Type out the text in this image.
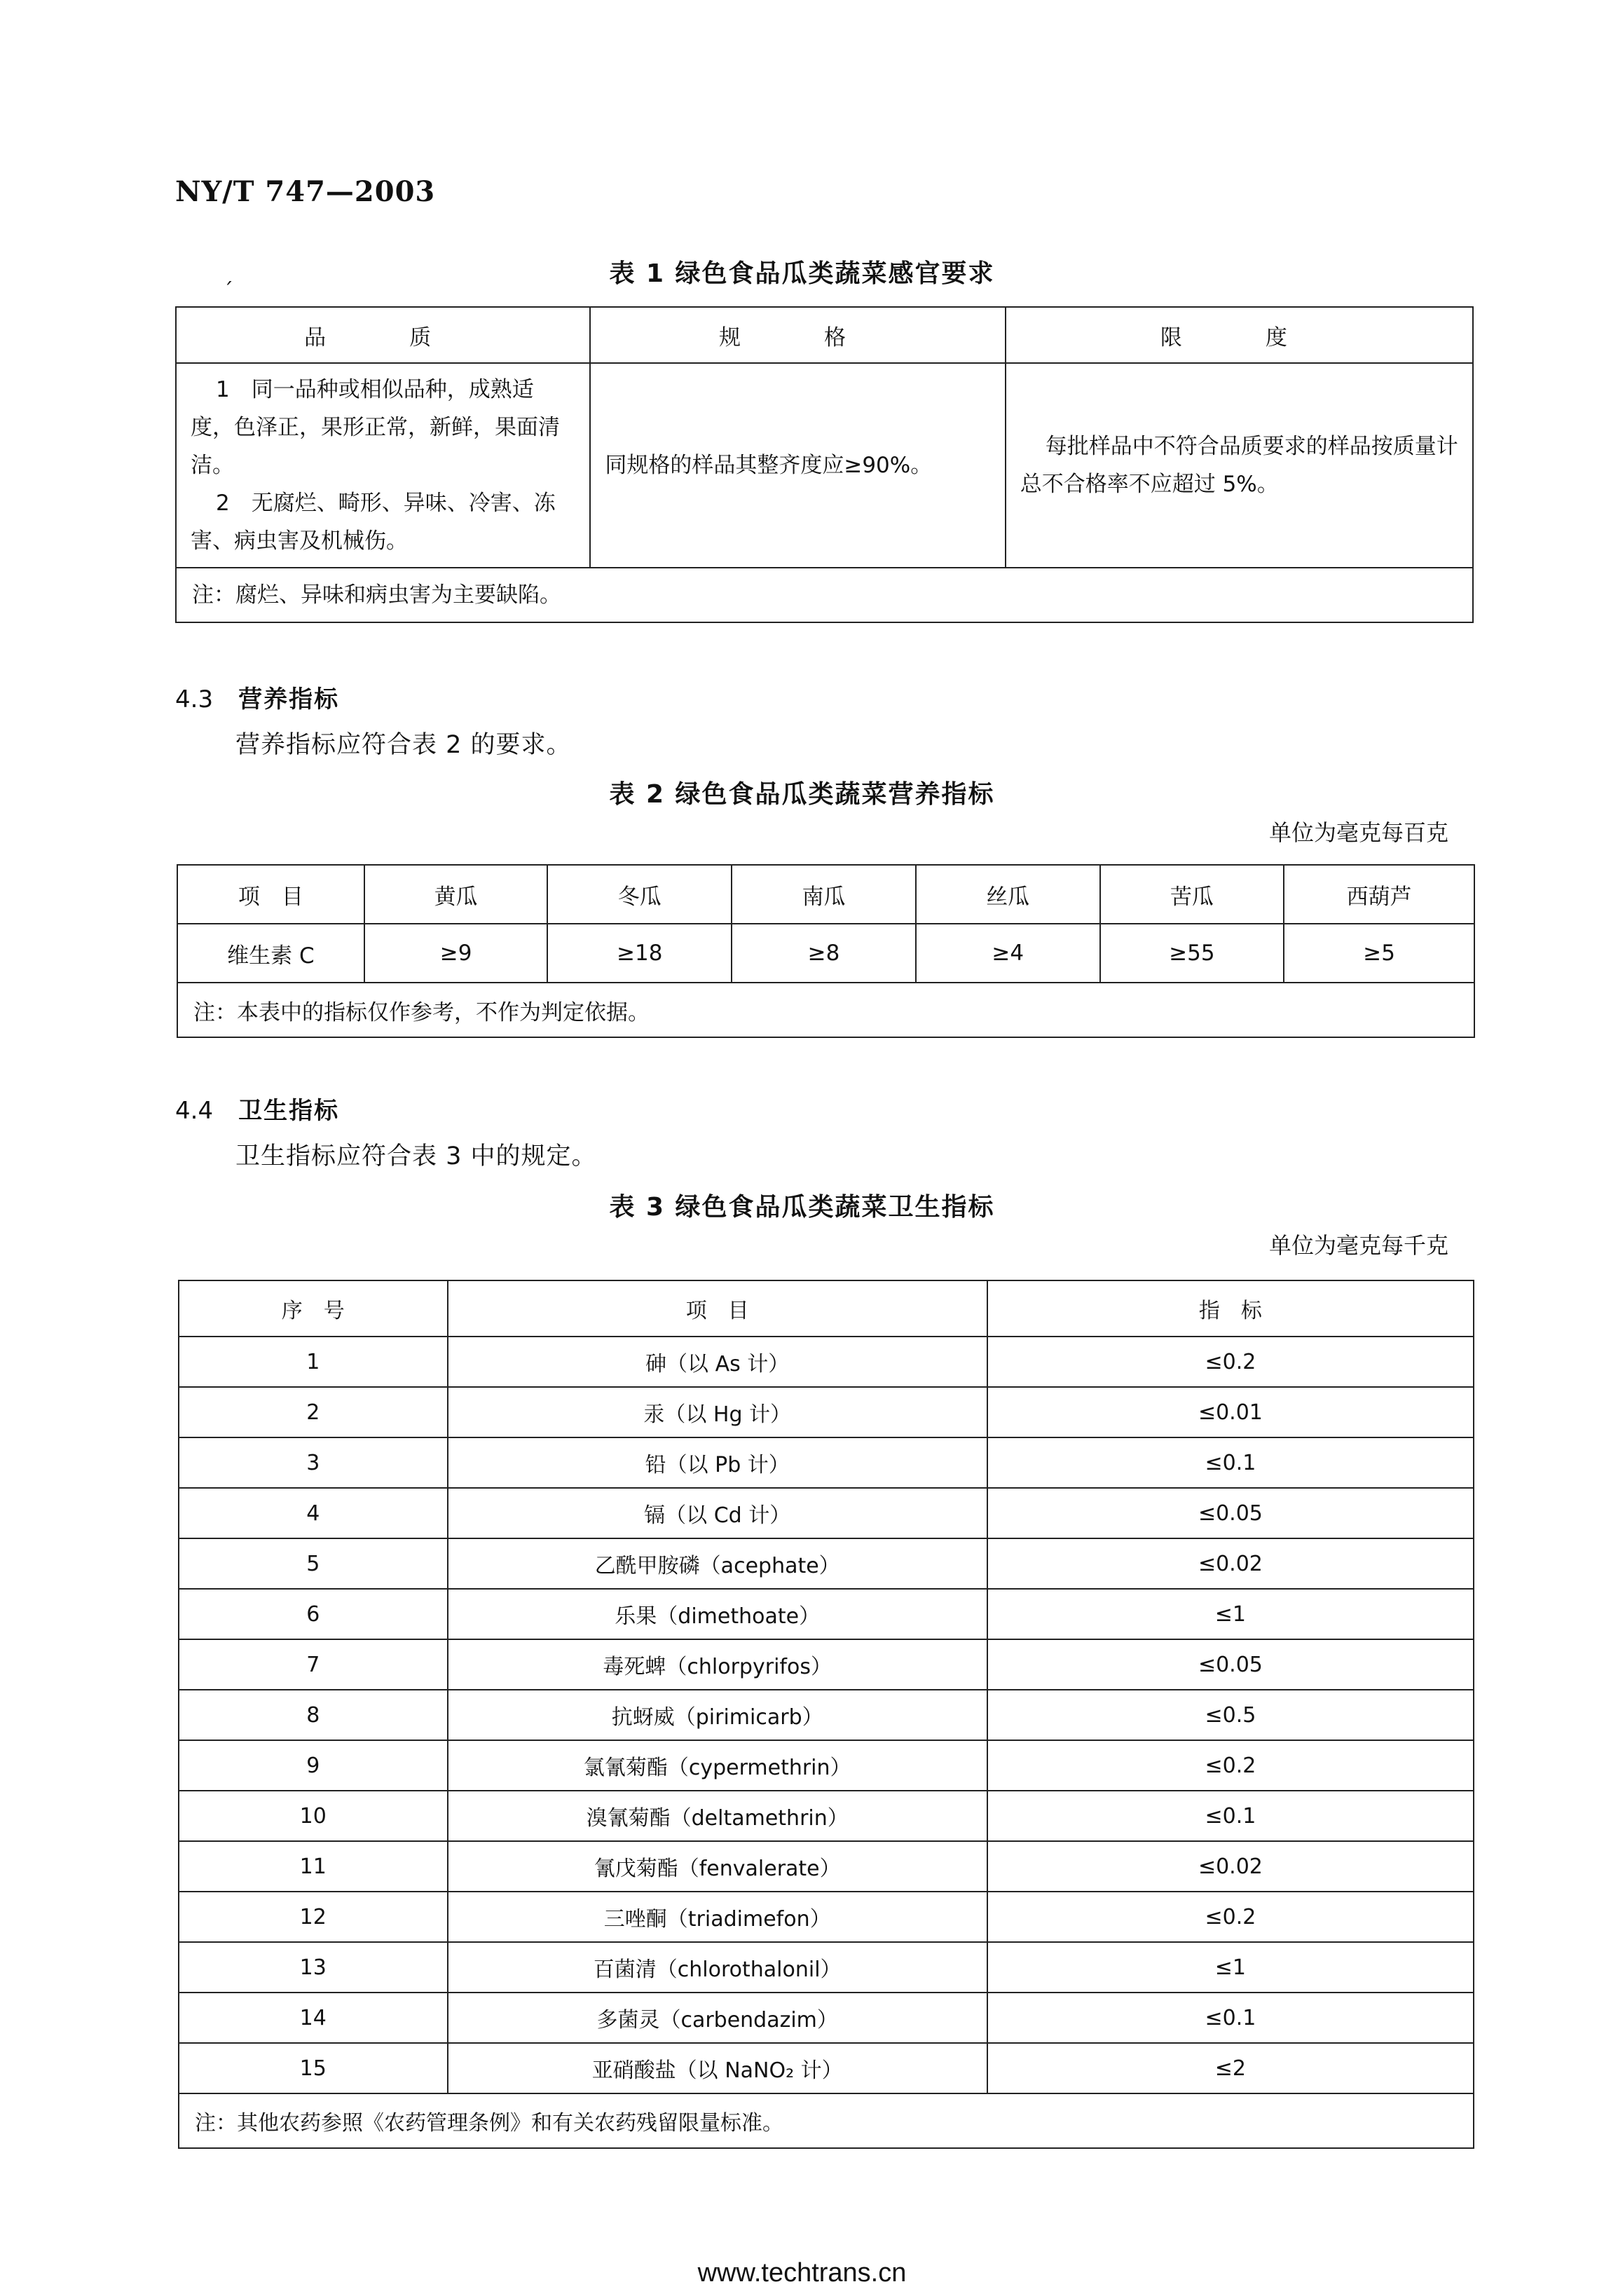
NY/T 747—2003
´
表 1 绿色食品瓜类蔬菜感官要求
品　质	规　格	限　度

1　同一品种或相似品种，成熟适度，色泽正，果形正常，新鲜，果面清洁。
2　无腐烂、畸形、异味、冷害、冻害、病虫害及机械伤。	同规格的样品其整齐度应≥90%。	每批样品中不符合品质要求的样品按质量计总不合格率不应超过 5%。
注：腐烂、异味和病虫害为主要缺陷。		
4.3 营养指标
营养指标应符合表 2 的要求。
表 2 绿色食品瓜类蔬菜营养指标
单位为毫克每百克
项　目	黄瓜	冬瓜	南瓜	丝瓜	苦瓜	西葫芦
维生素 C	≥9	≥18	≥8	≥4	≥55	≥5
注：本表中的指标仅作参考，不作为判定依据。						
4.4 卫生指标
卫生指标应符合表 3 中的规定。
表 3 绿色食品瓜类蔬菜卫生指标
单位为毫克每千克
序　号	项　目	指　标
1	砷（以 As 计）	≤0.2
2	汞（以 Hg 计）	≤0.01
3	铅（以 Pb 计）	≤0.1
4	镉（以 Cd 计）	≤0.05
5	乙酰甲胺磷（acephate）	≤0.02
6	乐果（dimethoate）	≤1
7	毒死蜱（chlorpyrifos）	≤0.05
8	抗蚜威（pirimicarb）	≤0.5
9	氯氰菊酯（cypermethrin）	≤0.2
10	溴氰菊酯（deltamethrin）	≤0.1
11	氰戊菊酯（fenvalerate）	≤0.02
12	三唑酮（triadimefon）	≤0.2
13	百菌清（chlorothalonil）	≤1
14	多菌灵（carbendazim）	≤0.1
15	亚硝酸盐（以 NaNO₂ 计）	≤2
注：其他农药参照《农药管理条例》和有关农药残留限量标准。		
www.techtrans.cn
